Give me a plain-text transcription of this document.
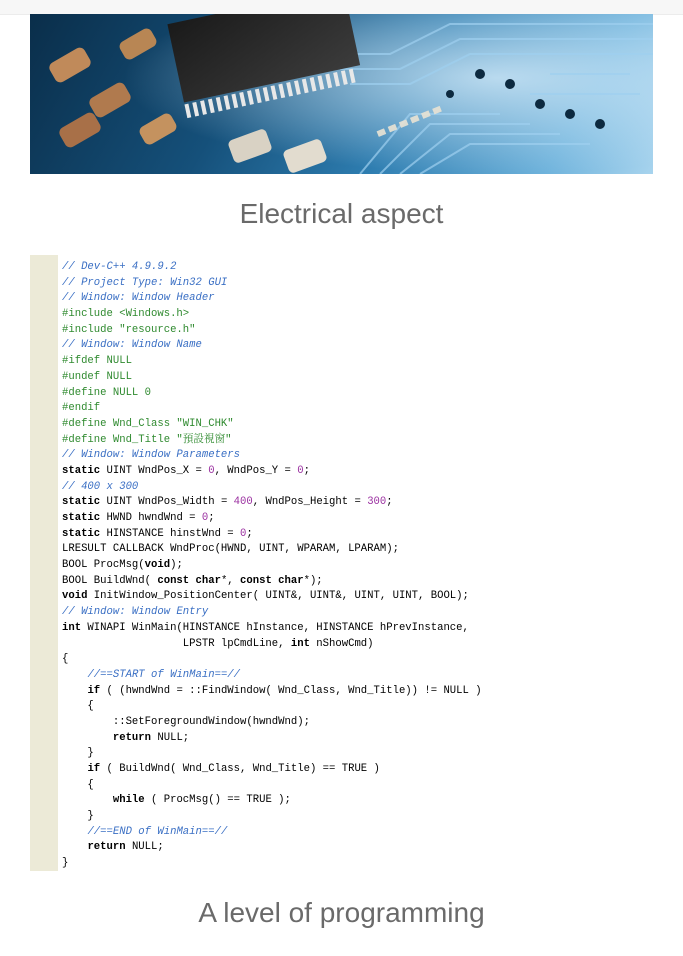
Electrical aspect
// Dev-C++ 4.9.9.2
// Project Type: Win32 GUI
// Window: Window Header
#include <Windows.h>
#include "resource.h"
// Window: Window Name
#ifdef NULL
#undef NULL
#define NULL 0
#endif
#define Wnd_Class "WIN_CHK"
#define Wnd_Title "預設視窗"
// Window: Window Parameters
static UINT WndPos_X = 0, WndPos_Y = 0;
// 400 x 300
static UINT WndPos_Width = 400, WndPos_Height = 300;
static HWND hwndWnd = 0;
static HINSTANCE hinstWnd = 0;
LRESULT CALLBACK WndProc(HWND, UINT, WPARAM, LPARAM);
BOOL ProcMsg(void);
BOOL BuildWnd( const char*, const char*);
void InitWindow_PositionCenter( UINT&, UINT&, UINT, UINT, BOOL);
// Window: Window Entry
int WINAPI WinMain(HINSTANCE hInstance, HINSTANCE hPrevInstance,
LPSTR lpCmdLine, int nShowCmd)
{
//==START of WinMain==//
if ( (hwndWnd = ::FindWindow( Wnd_Class, Wnd_Title)) != NULL )
{
::SetForegroundWindow(hwndWnd);
return NULL;
}
if ( BuildWnd( Wnd_Class, Wnd_Title) == TRUE )
{
while ( ProcMsg() == TRUE );
}
//==END of WinMain==//
return NULL;
}
A level of programming
